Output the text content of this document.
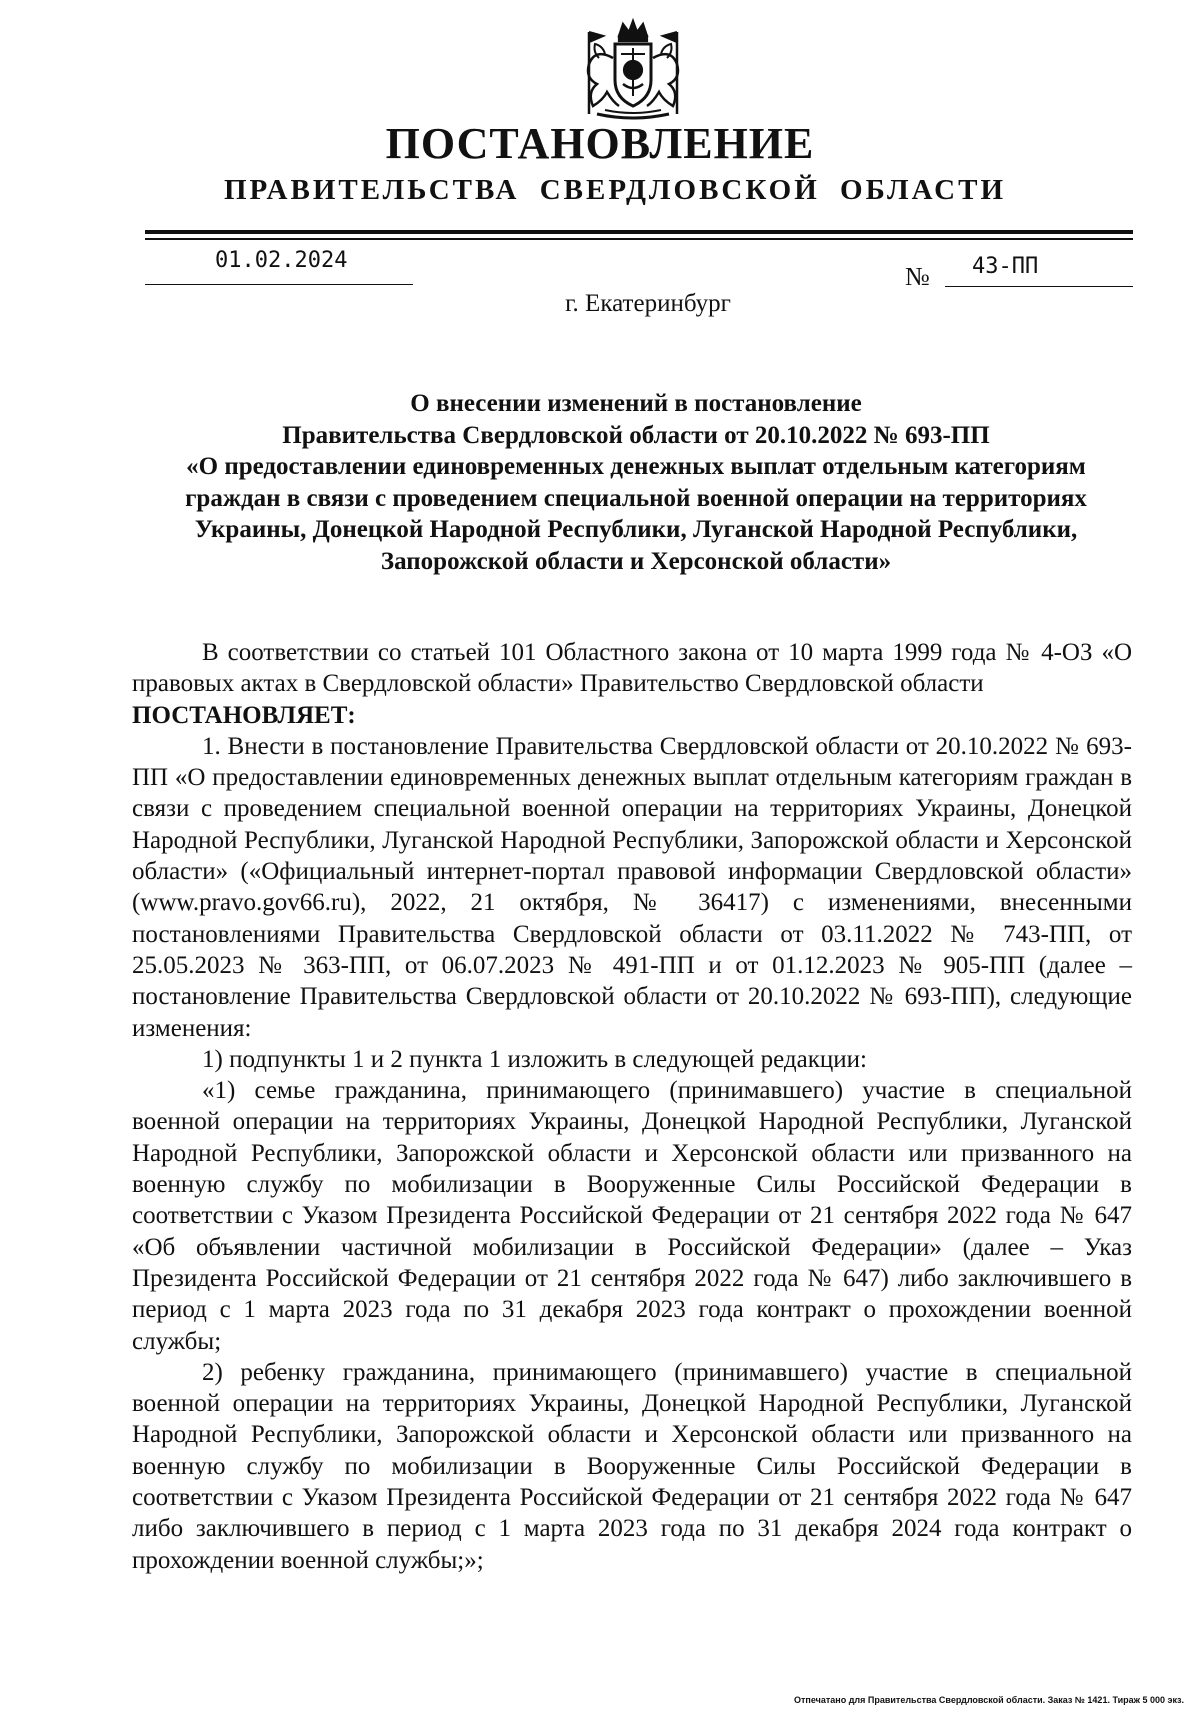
ПОСТАНОВЛЕНИЕ
ПРАВИТЕЛЬСТВА СВЕРДЛОВСКОЙ ОБЛАСТИ
01.02.2024
№ 43-ПП
г. Екатеринбург
О внесении изменений в постановление
Правительства Свердловской области от 20.10.2022 № 693-ПП
«О предоставлении единовременных денежных выплат отдельным категориям
граждан в связи с проведением специальной военной операции на территориях
Украины, Донецкой Народной Республики, Луганской Народной Республики,
Запорожской области и Херсонской области»

В соответствии со статьей 101 Областного закона от 10 марта 1999 года № 4-ОЗ «О правовых актах в Свердловской области» Правительство Свердловской области

ПОСТАНОВЛЯЕТ:

1. Внести в постановление Правительства Свердловской области от 20.10.2022 № 693-ПП «О предоставлении единовременных денежных выплат отдельным категориям граждан в связи с проведением специальной военной операции на территориях Украины, Донецкой Народной Республики, Луганской Народной Республики, Запорожской области и Херсонской области» («Официальный интернет-портал правовой информации Свердловской области» (www.pravo.gov66.ru), 2022, 21 октября, № 36417) с изменениями, внесенными постановлениями Правительства Свердловской области от 03.11.2022 № 743-ПП, от 25.05.2023 № 363-ПП, от 06.07.2023 № 491-ПП и от 01.12.2023 № 905-ПП (далее – постановление Правительства Свердловской области от 20.10.2022 № 693-ПП), следующие изменения:

1) подпункты 1 и 2 пункта 1 изложить в следующей редакции:

«1) семье гражданина, принимающего (принимавшего) участие в специальной военной операции на территориях Украины, Донецкой Народной Республики, Луганской Народной Республики, Запорожской области и Херсонской области или призванного на военную службу по мобилизации в Вооруженные Силы Российской Федерации в соответствии с Указом Президента Российской Федерации от 21 сентября 2022 года № 647 «Об объявлении частичной мобилизации в Российской Федерации» (далее – Указ Президента Российской Федерации от 21 сентября 2022 года № 647) либо заключившего в период с 1 марта 2023 года по 31 декабря 2023 года контракт о прохождении военной службы;

2) ребенку гражданина, принимающего (принимавшего) участие в специальной военной операции на территориях Украины, Донецкой Народной Республики, Луганской Народной Республики, Запорожской области и Херсонской области или призванного на военную службу по мобилизации в Вооруженные Силы Российской Федерации в соответствии с Указом Президента Российской Федерации от 21 сентября 2022 года № 647 либо заключившего в период с 1 марта 2023 года по 31 декабря 2024 года контракт о прохождении военной службы;»;

Отпечатано для Правительства Свердловской области. Заказ № 1421. Тираж 5 000 экз.
